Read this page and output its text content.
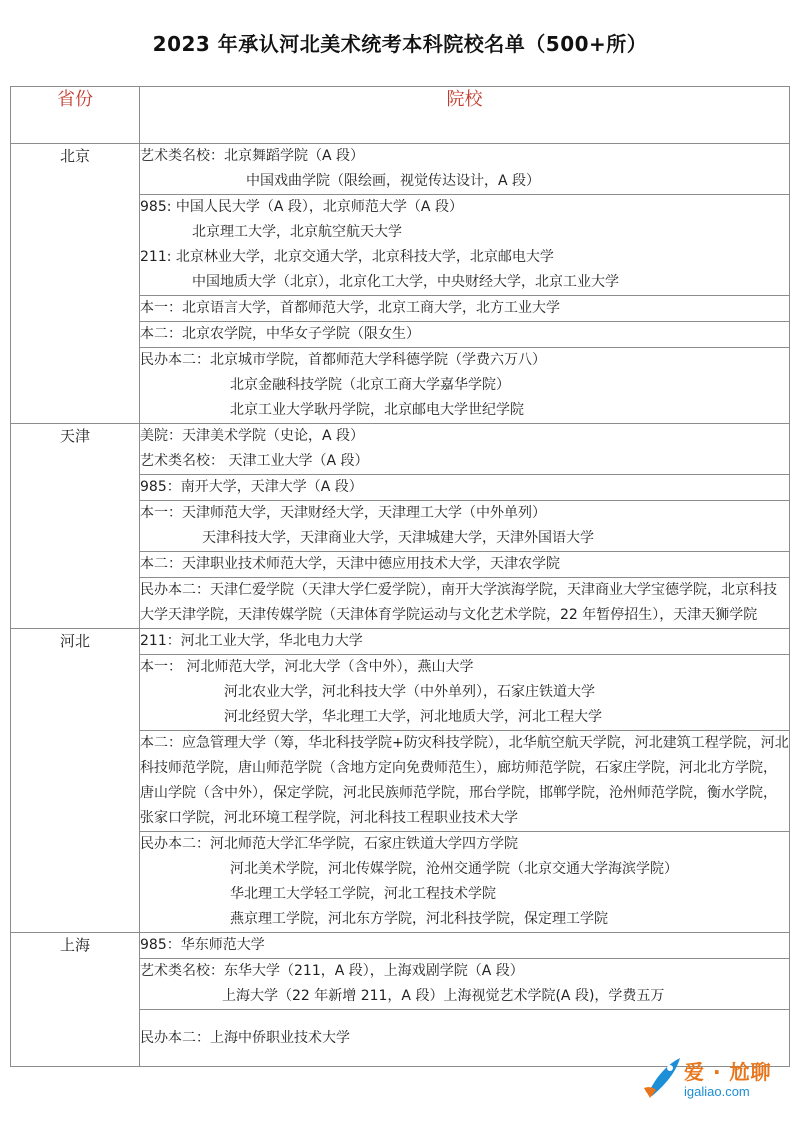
2023 年承认河北美术统考本科院校名单（500+所）
省份	院校
北京	艺术类名校：北京舞蹈学院（A 段）
中国戏曲学院（限绘画，视觉传达设计，A 段）

	985: 中国人民大学（A 段），北京师范大学（A 段）
北京理工大学，北京航空航天大学
211: 北京林业大学，北京交通大学，北京科技大学，北京邮电大学
中国地质大学（北京），北京化工大学，中央财经大学，北京工业大学

	本一：北京语言大学，首都师范大学，北京工商大学，北方工业大学

	本二：北京农学院，中华女子学院（限女生）

	民办本二：北京城市学院，首都师范大学科德学院（学费六万八）
北京金融科技学院（北京工商大学嘉华学院）
北京工业大学耿丹学院，北京邮电大学世纪学院

天津	美院：天津美术学院（史论，A 段）
艺术类名校： 天津工业大学（A 段）

	985：南开大学，天津大学（A 段）

	本一：天津师范大学，天津财经大学，天津理工大学（中外单列）
天津科技大学，天津商业大学，天津城建大学，天津外国语大学

	本二：天津职业技术师范大学，天津中德应用技术大学，天津农学院

	民办本二：天津仁爱学院（天津大学仁爱学院），南开大学滨海学院，天津商业大学宝德学院，北京科技大学天津学院，天津传媒学院（天津体育学院运动与文化艺术学院，22 年暂停招生），天津天狮学院
河北	211：河北工业大学，华北电力大学

	本一： 河北师范大学，河北大学（含中外），燕山大学
河北农业大学，河北科技大学（中外单列），石家庄铁道大学
河北经贸大学，华北理工大学，河北地质大学，河北工程大学

	本二：应急管理大学（筹，华北科技学院+防灾科技学院），北华航空航天学院，河北建筑工程学院，河北科技师范学院，唐山师范学院（含地方定向免费师范生），廊坊师范学院，石家庄学院，河北北方学院，唐山学院（含中外），保定学院，河北民族师范学院，邢台学院，邯郸学院，沧州师范学院，衡水学院，张家口学院，河北环境工程学院，河北科技工程职业技术大学

	民办本二：河北师范大学汇华学院，石家庄铁道大学四方学院
河北美术学院，河北传媒学院，沧州交通学院（北京交通大学海滨学院）
华北理工大学轻工学院，河北工程技术学院
燕京理工学院，河北东方学院，河北科技学院，保定理工学院

上海	985：华东师范大学

	艺术类名校：东华大学（211，A 段），上海戏剧学院（A 段）
上海大学（22 年新增 211，A 段）上海视觉艺术学院(A 段)，学费五万

	民办本二：上海中侨职业技术大学
爱 · 尬聊
igaliao.com
